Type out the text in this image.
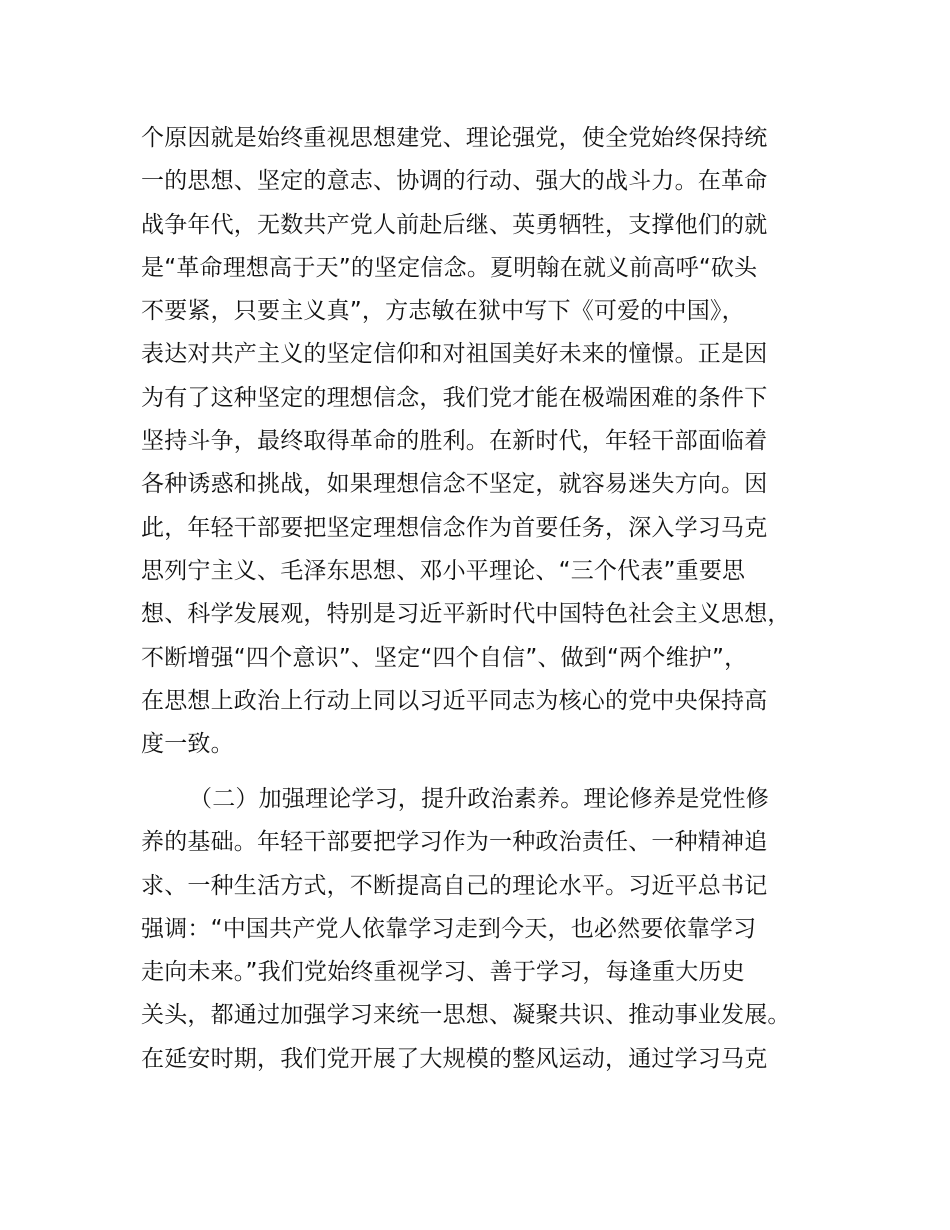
个原因就是始终重视思想建党、理论强党，使全党始终保持统
一的思想、坚定的意志、协调的行动、强大的战斗力。在革命
战争年代，无数共产党人前赴后继、英勇牺牲，支撑他们的就
是“革命理想高于天”的坚定信念。夏明翰在就义前高呼“砍头
不要紧，只要主义真”，方志敏在狱中写下《可爱的中国》，
表达对共产主义的坚定信仰和对祖国美好未来的憧憬。正是因
为有了这种坚定的理想信念，我们党才能在极端困难的条件下
坚持斗争，最终取得革命的胜利。在新时代，年轻干部面临着
各种诱惑和挑战，如果理想信念不坚定，就容易迷失方向。因
此，年轻干部要把坚定理想信念作为首要任务，深入学习马克
思列宁主义、毛泽东思想、邓小平理论、“三个代表”重要思
想、科学发展观，特别是习近平新时代中国特色社会主义思想，
不断增强“四个意识”、坚定“四个自信”、做到“两个维护”，
在思想上政治上行动上同以习近平同志为核心的党中央保持高
度一致。
（二）加强理论学习，提升政治素养。理论修养是党性修
养的基础。年轻干部要把学习作为一种政治责任、一种精神追
求、一种生活方式，不断提高自己的理论水平。习近平总书记
强调：“中国共产党人依靠学习走到今天，也必然要依靠学习
走向未来。”我们党始终重视学习、善于学习，每逢重大历史
关头，都通过加强学习来统一思想、凝聚共识、推动事业发展。
在延安时期，我们党开展了大规模的整风运动，通过学习马克
